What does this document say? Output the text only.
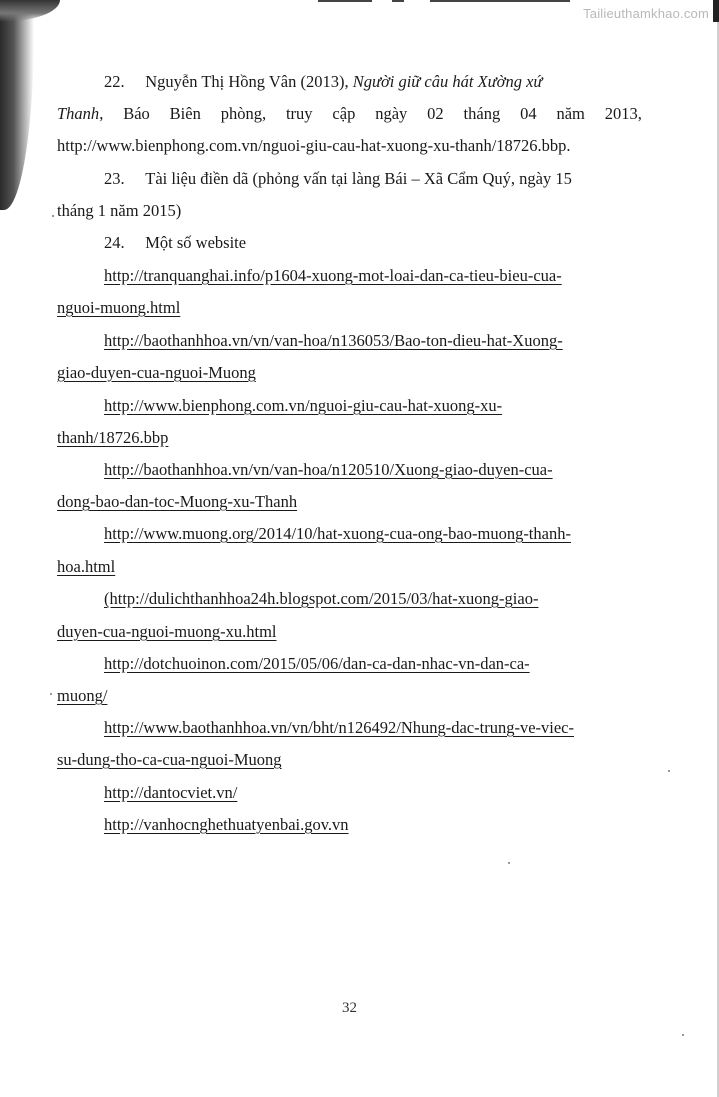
Tailieuthamkhao.com
22. Nguyễn Thị Hồng Vân (2013), Người giữ câu hát Xường xứ
Thanh, Báo Biên phòng, truy cập ngày 02 tháng 04 năm 2013,
http://www.bienphong.com.vn/nguoi-giu-cau-hat-xuong-xu-thanh/18726.bbp.
23. Tài liệu điền dã (phỏng vấn tại làng Bái – Xã Cẩm Quý, ngày 15
tháng 1 năm 2015)
24. Một số website
http://tranquanghai.info/p1604-xuong-mot-loai-dan-ca-tieu-bieu-cua-
nguoi-muong.html
http://baothanhhoa.vn/vn/van-hoa/n136053/Bao-ton-dieu-hat-Xuong-
giao-duyen-cua-nguoi-Muong
http://www.bienphong.com.vn/nguoi-giu-cau-hat-xuong-xu-
thanh/18726.bbp
http://baothanhhoa.vn/vn/van-hoa/n120510/Xuong-giao-duyen-cua-
dong-bao-dan-toc-Muong-xu-Thanh
http://www.muong.org/2014/10/hat-xuong-cua-ong-bao-muong-thanh-
hoa.html
(http://dulichthanhhoa24h.blogspot.com/2015/03/hat-xuong-giao-
duyen-cua-nguoi-muong-xu.html
http://dotchuoinon.com/2015/05/06/dan-ca-dan-nhac-vn-dan-ca-
muong/
http://www.baothanhhoa.vn/vn/bht/n126492/Nhung-dac-trung-ve-viec-
su-dung-tho-ca-cua-nguoi-Muong
http://dantocviet.vn/
http://vanhocnghethuatyenbai.gov.vn
32
